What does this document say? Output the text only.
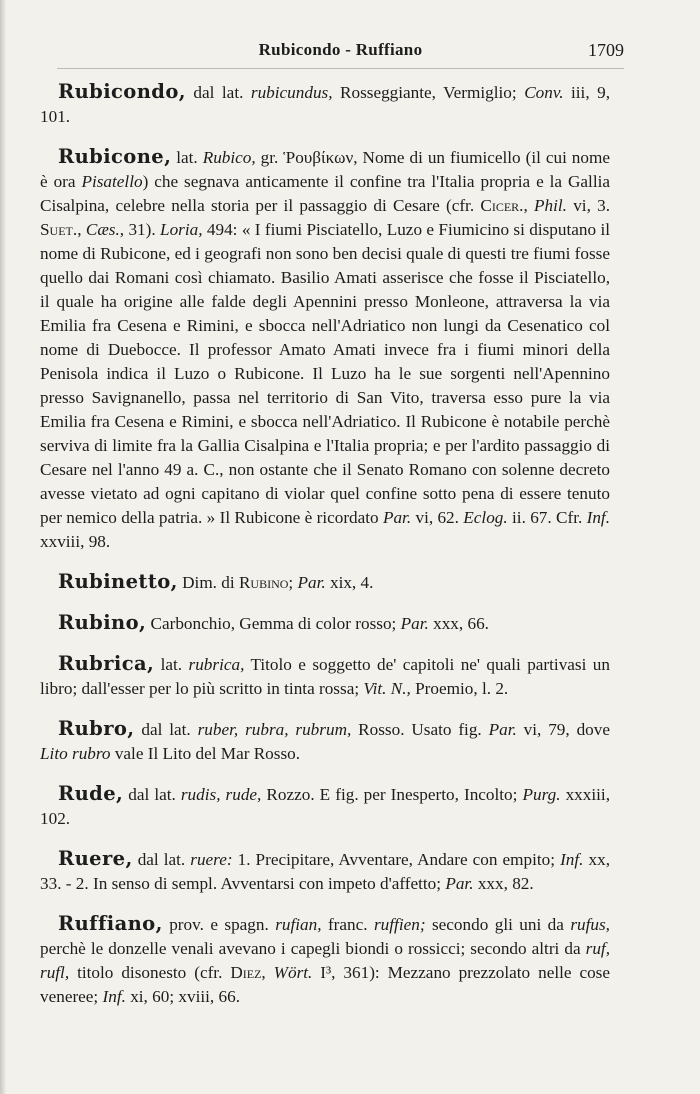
Rubicondo - Ruffiano	1709

Rubicondo, dal lat. rubicundus, Rosseggiante, Vermiglio; Conv. iii, 9, 101.

Rubicone, lat. Rubico, gr. Ῥουβίκων, Nome di un fiumicello (il cui nome è ora Pisatello) che segnava anticamente il confine tra l'Italia propria e la Gallia Cisalpina, celebre nella storia per il passaggio di Cesare (cfr. Cicer., Phil. vi, 3. Suet., Cæs., 31). Loria, 494: « I fiumi Pisciatello, Luzo e Fiumicino si disputano il nome di Rubicone, ed i geografi non sono ben decisi quale di questi tre fiumi fosse quello dai Romani così chiamato. Basilio Amati asserisce che fosse il Pisciatello, il quale ha origine alle falde degli Apennini presso Monleone, attraversa la via Emilia fra Cesena e Rimini, e sbocca nell'Adriatico non lungi da Cesenatico col nome di Duebocce. Il professor Amato Amati invece fra i fiumi minori della Penisola indica il Luzo o Rubicone. Il Luzo ha le sue sorgenti nell'Apennino presso Savignanello, passa nel territorio di San Vito, traversa esso pure la via Emilia fra Cesena e Rimini, e sbocca nell'Adriatico. Il Rubicone è notabile perchè serviva di limite fra la Gallia Cisalpina e l'Italia propria; e per l'ardito passaggio di Cesare nel l'anno 49 a. C., non ostante che il Senato Romano con solenne decreto avesse vietato ad ogni capitano di violar quel confine sotto pena di essere tenuto per nemico della patria. » Il Rubicone è ricordato Par. vi, 62. Eclog. ii. 67. Cfr. Inf. xxviii, 98.

Rubinetto, Dim. di Rubino; Par. xix, 4.

Rubino, Carbonchio, Gemma di color rosso; Par. xxx, 66.

Rubrica, lat. rubrica, Titolo e soggetto de' capitoli ne' quali partivasi un libro; dall'esser per lo più scritto in tinta rossa; Vit. N., Proemio, l. 2.

Rubro, dal lat. ruber, rubra, rubrum, Rosso. Usato fig. Par. vi, 79, dove Lito rubro vale Il Lito del Mar Rosso.

Rude, dal lat. rudis, rude, Rozzo. E fig. per Inesperto, Incolto; Purg. xxxiii, 102.

Ruere, dal lat. ruere: 1. Precipitare, Avventare, Andare con empito; Inf. xx, 33. - 2. In senso di sempl. Avventarsi con impeto d'affetto; Par. xxx, 82.

Ruffiano, prov. e spagn. rufian, franc. ruffien; secondo gli uni da rufus, perchè le donzelle venali avevano i capegli biondi o rossicci; secondo altri da ruf, rufl, titolo disonesto (cfr. Diez, Wört. I³, 361): Mezzano prezzolato nelle cose veneree; Inf. xi, 60; xviii, 66.
